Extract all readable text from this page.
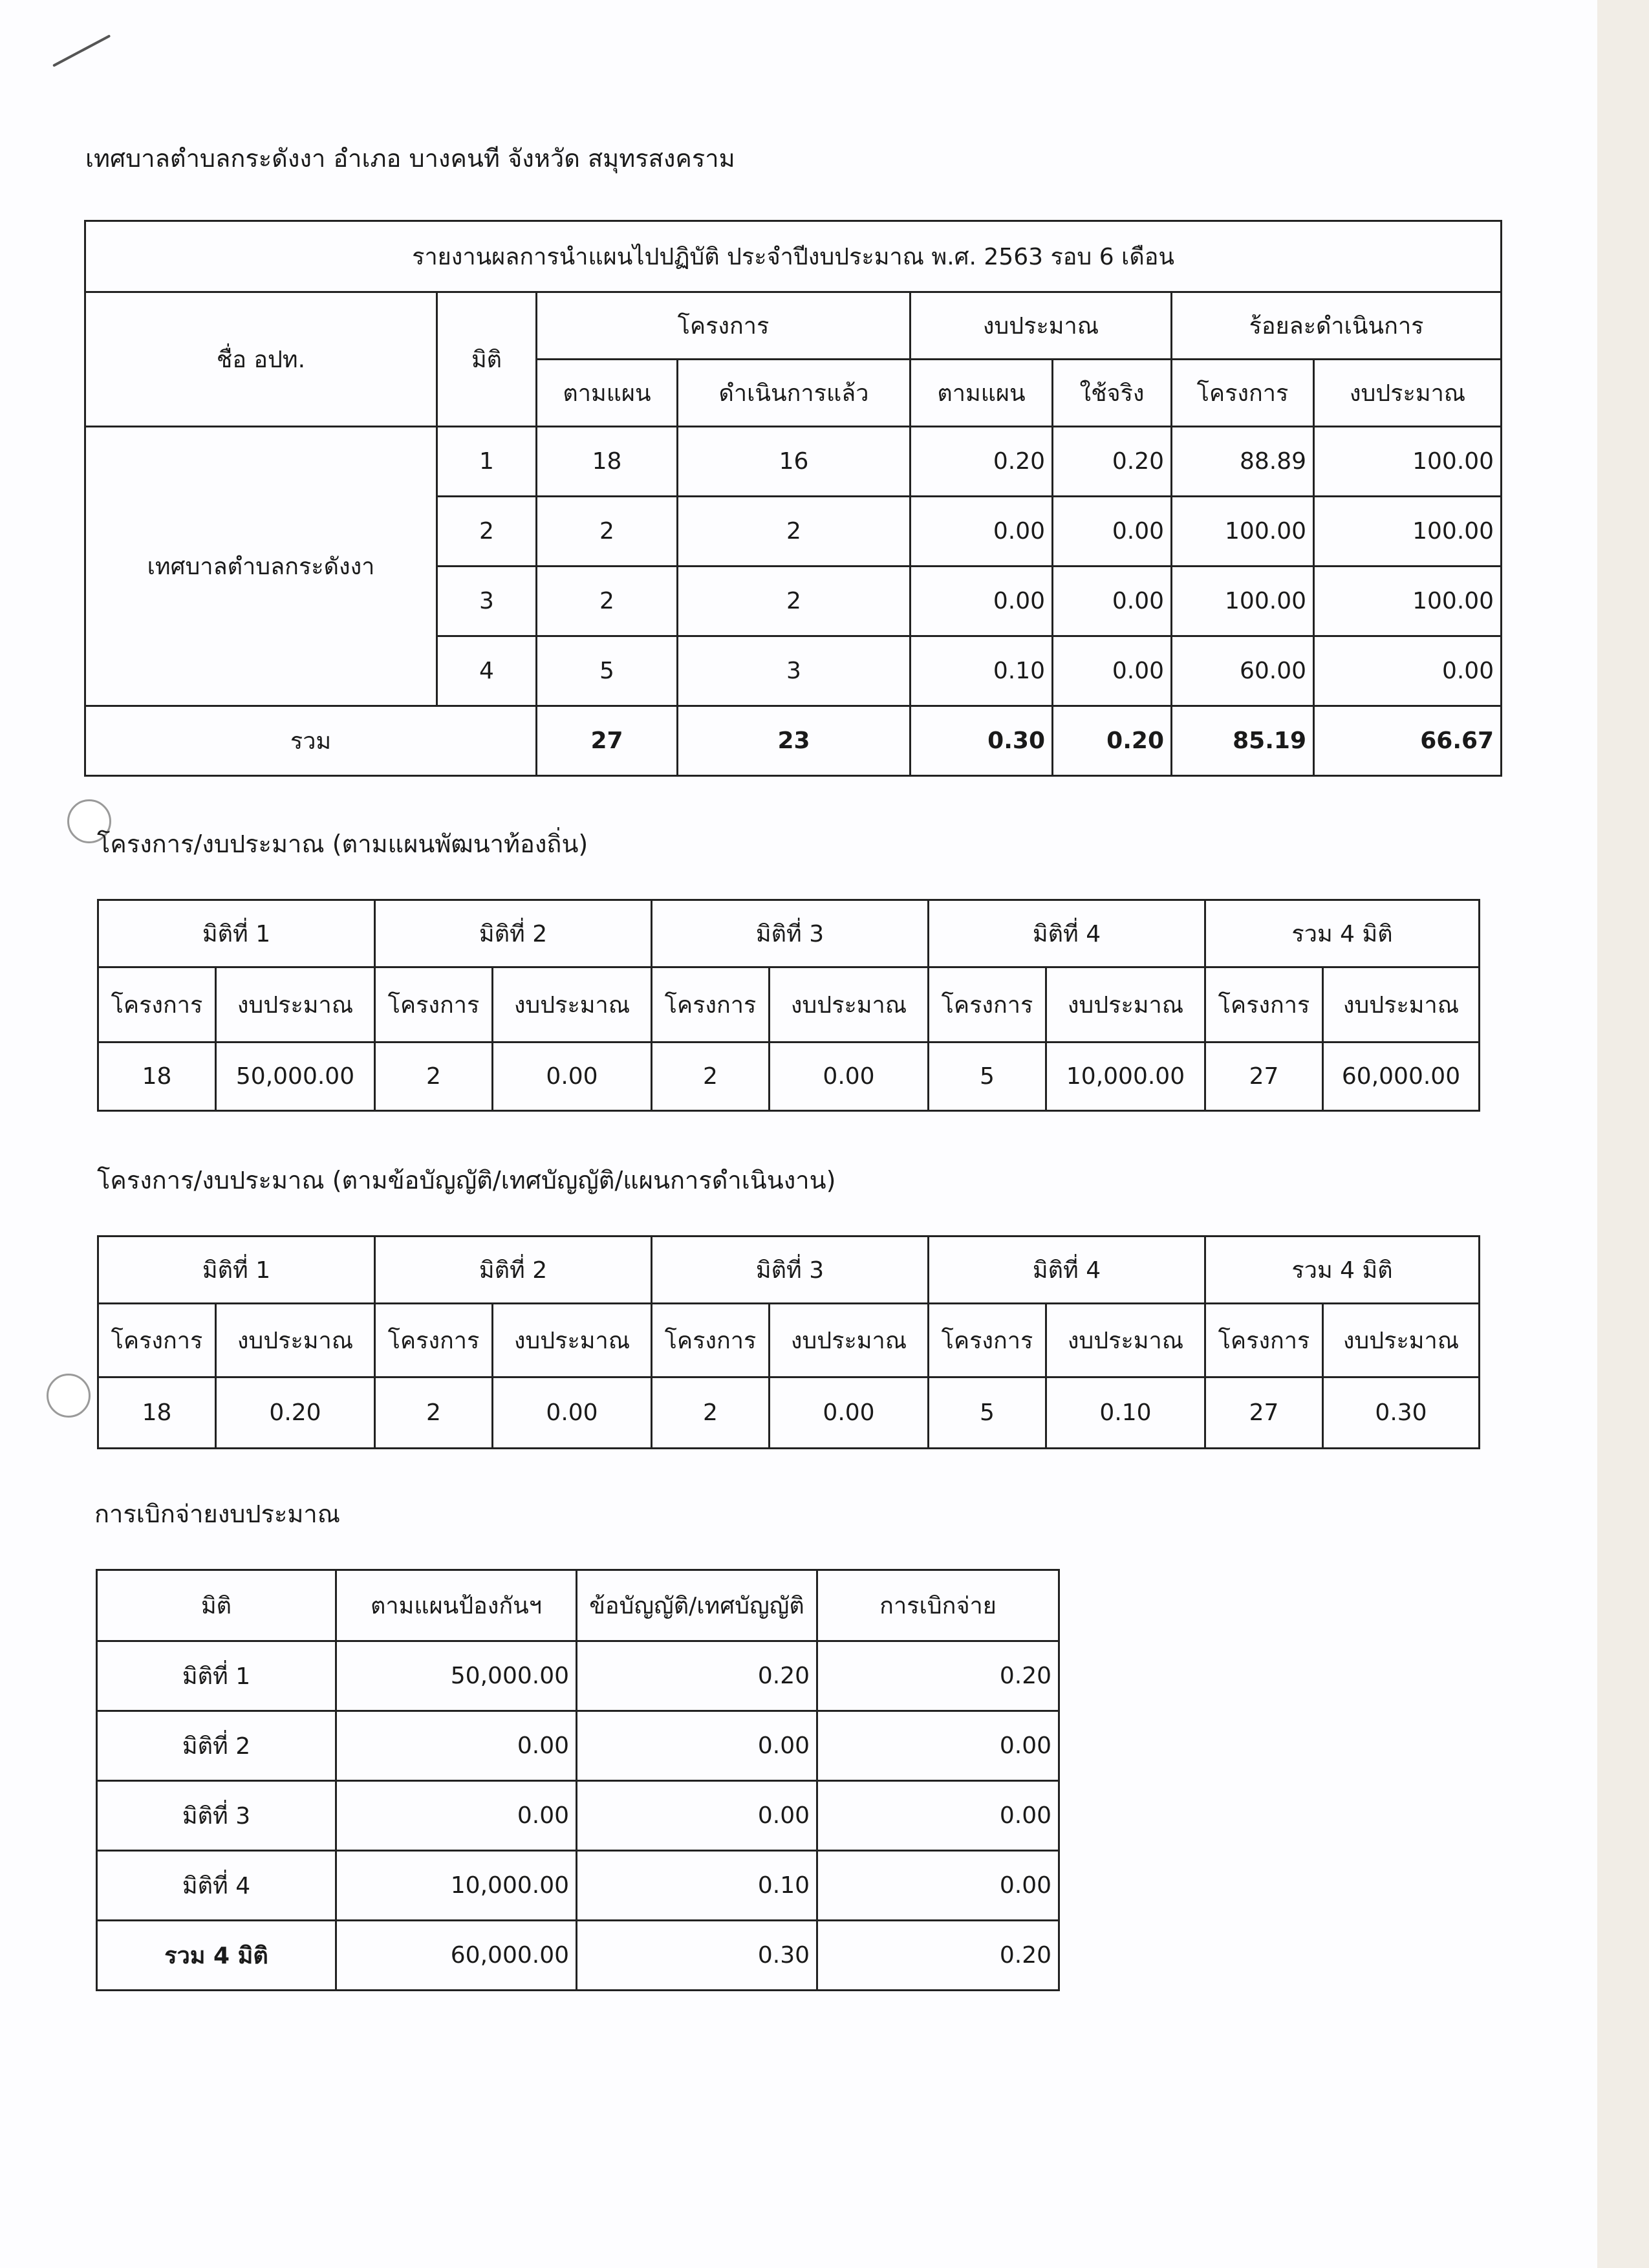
เทศบาลตำบลกระดังงา อำเภอ บางคนที จังหวัด สมุทรสงคราม
รายงานผลการนำแผนไปปฏิบัติ ประจำปีงบประมาณ พ.ศ. 2563 รอบ 6 เดือน							
ชื่อ อปท.	มิติ	โครงการ		งบประมาณ		ร้อยละดำเนินการ	
		ตามแผน	ดำเนินการแล้ว	ตามแผน	ใช้จริง	โครงการ	งบประมาณ
เทศบาลตำบลกระดังงา	1	18	16	0.20	0.20	88.89	100.00
	2	2	2	0.00	0.00	100.00	100.00
	3	2	2	0.00	0.00	100.00	100.00
	4	5	3	0.10	0.00	60.00	0.00
รวม		27	23	0.30	0.20	85.19	66.67
โครงการ/งบประมาณ (ตามแผนพัฒนาท้องถิ่น)
มิติที่ 1		มิติที่ 2		มิติที่ 3		มิติที่ 4		รวม 4 มิติ	
โครงการ	งบประมาณ	โครงการ	งบประมาณ	โครงการ	งบประมาณ	โครงการ	งบประมาณ	โครงการ	งบประมาณ
18	50,000.00	2	0.00	2	0.00	5	10,000.00	27	60,000.00
โครงการ/งบประมาณ (ตามข้อบัญญัติ/เทศบัญญัติ/แผนการดำเนินงาน)
มิติที่ 1		มิติที่ 2		มิติที่ 3		มิติที่ 4		รวม 4 มิติ	
โครงการ	งบประมาณ	โครงการ	งบประมาณ	โครงการ	งบประมาณ	โครงการ	งบประมาณ	โครงการ	งบประมาณ
18	0.20	2	0.00	2	0.00	5	0.10	27	0.30
การเบิกจ่ายงบประมาณ
มิติ	ตามแผนป้องกันฯ	ข้อบัญญัติ/เทศบัญญัติ	การเบิกจ่าย
มิติที่ 1	50,000.00	0.20	0.20
มิติที่ 2	0.00	0.00	0.00
มิติที่ 3	0.00	0.00	0.00
มิติที่ 4	10,000.00	0.10	0.00
รวม 4 มิติ	60,000.00	0.30	0.20
